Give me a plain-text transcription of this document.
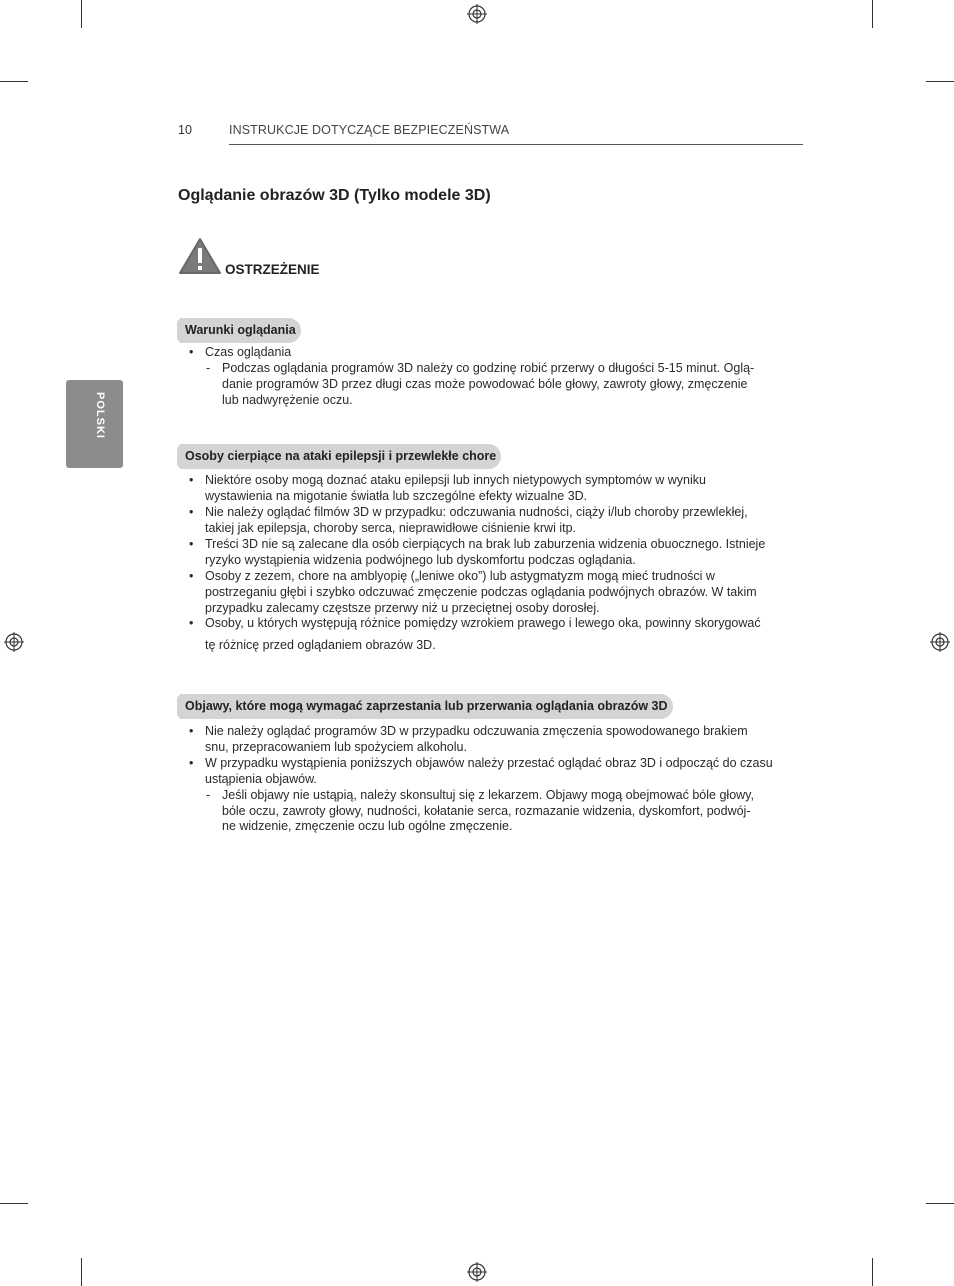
10	INSTRUKCJE DOTYCZĄCE BEZPIECZEŃSTWA
POLSKI
Oglądanie obrazów 3D (Tylko modele 3D)
OSTRZEŻENIE
Warunki oglądania
• Czas oglądania
- Podczas oglądania programów 3D należy co godzinę robić przerwy o długości 5-15 minut. Oglą-
danie programów 3D przez długi czas może powodować bóle głowy, zawroty głowy, zmęczenie
lub nadwyrężenie oczu.
Osoby cierpiące na ataki epilepsji i przewlekłe chore
• Niektóre osoby mogą doznać ataku epilepsji lub innych nietypowych symptomów w wyniku
wystawienia na migotanie światła lub szczególne efekty wizualne 3D.
• Nie należy oglądać filmów 3D w przypadku: odczuwania nudności, ciąży i/lub choroby przewlekłej,
takiej jak epilepsja, choroby serca, nieprawidłowe ciśnienie krwi itp.
• Treści 3D nie są zalecane dla osób cierpiących na brak lub zaburzenia widzenia obuocznego. Istnieje
ryzyko wystąpienia widzenia podwójnego lub dyskomfortu podczas oglądania.
• Osoby z zezem, chore na amblyopię („leniwe oko”) lub astygmatyzm mogą mieć trudności w
postrzeganiu głębi i szybko odczuwać zmęczenie podczas oglądania podwójnych obrazów. W takim
przypadku zalecamy częstsze przerwy niż u przeciętnej osoby dorosłej.
• Osoby, u których występują różnice pomiędzy wzrokiem prawego i lewego oka, powinny skorygować
tę różnicę przed oglądaniem obrazów 3D.
Objawy, które mogą wymagać zaprzestania lub przerwania oglądania obrazów 3D
• Nie należy oglądać programów 3D w przypadku odczuwania zmęczenia spowodowanego brakiem
snu, przepracowaniem lub spożyciem alkoholu.
• W przypadku wystąpienia poniższych objawów należy przestać oglądać obraz 3D i odpocząć do czasu
ustąpienia objawów.
- Jeśli objawy nie ustąpią, należy skonsultuj się z lekarzem. Objawy mogą obejmować bóle głowy,
bóle oczu, zawroty głowy, nudności, kołatanie serca, rozmazanie widzenia, dyskomfort, podwój-
ne widzenie, zmęczenie oczu lub ogólne zmęczenie.
